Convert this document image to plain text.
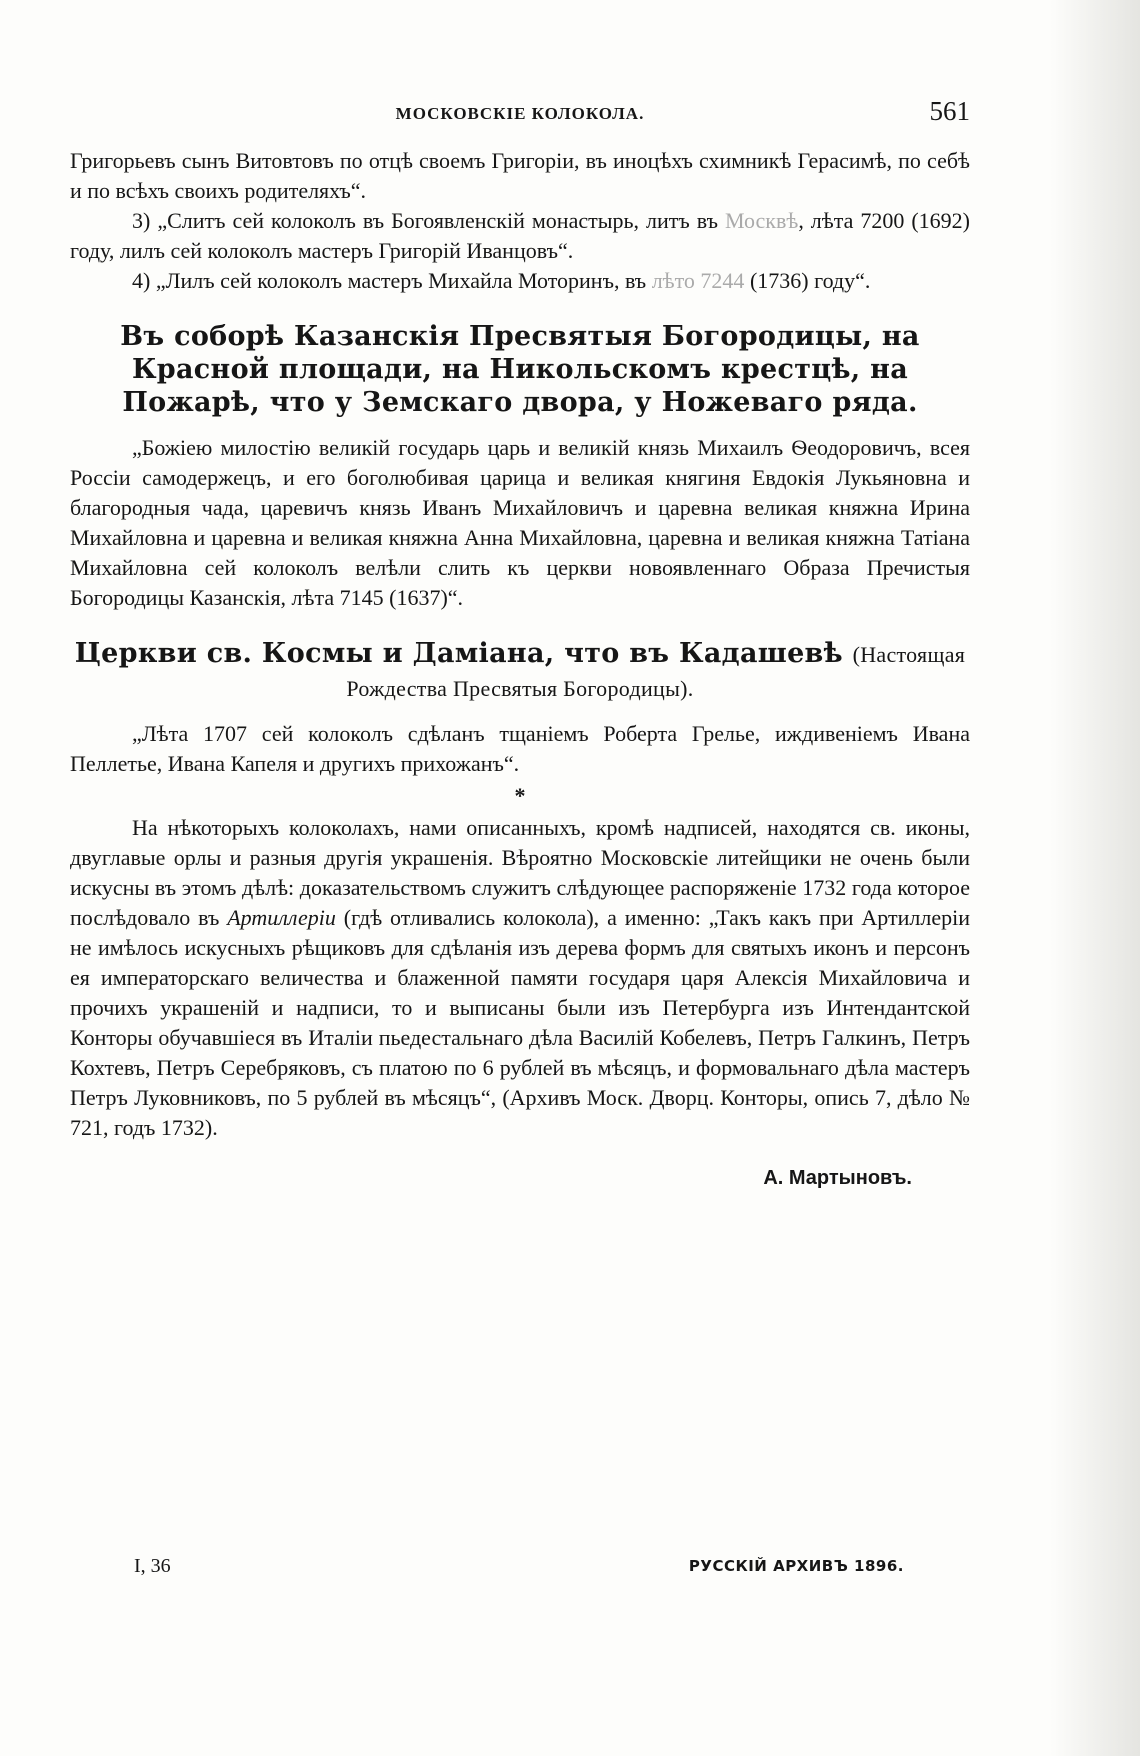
МОСКОВСКІЕ КОЛОКОЛА.	561

Григорьевъ сынъ Витовтовъ по отцѣ своемъ Григоріи, въ иноцѣхъ схимникѣ Герасимѣ, по себѣ и по всѣхъ своихъ родителяхъ“.

3) „Слитъ сей колоколъ въ Богоявленскій монастырь, литъ въ Москвѣ, лѣта 7200 (1692) году, лилъ сей колоколъ мастеръ Григорій Иванцовъ“.

4) „Лилъ сей колоколъ мастеръ Михайла Моторинъ, въ лѣто 7244 (1736) году“.

Въ соборѣ Казанскія Пресвятыя Богородицы, на Красной площади, на Никольскомъ крестцѣ, на Пожарѣ, что у Земскаго двора, у Ножеваго ряда.

„Божіею милостію великій государь царь и великій князь Михаилъ Ѳеодоровичъ, всея Россіи самодержецъ, и его боголюбивая царица и великая княгиня Евдокія Лукьяновна и благородныя чада, царевичъ князь Иванъ Михайловичъ и царевна великая княжна Ирина Михайловна и царевна и великая княжна Анна Михайловна, царевна и великая княжна Татіана Михайловна сей колоколъ велѣли слить къ церкви новоявленнаго Образа Пречистыя Богородицы Казанскія, лѣта 7145 (1637)“.

Церкви св. Космы и Даміана, что въ Кадашевѣ (Настоящая Рождества Пресвятыя Богородицы).

„Лѣта 1707 сей колоколъ сдѣланъ тщаніемъ Роберта Грелье, иждивеніемъ Ивана Пеллетье, Ивана Капеля и другихъ прихожанъ“.

*

На нѣкоторыхъ колоколахъ, нами описанныхъ, кромѣ надписей, находятся св. иконы, двуглавые орлы и разныя другія украшенія. Вѣроятно Московскіе литейщики не очень были искусны въ этомъ дѣлѣ: доказательствомъ служитъ слѣдующее распоряженіе 1732 года которое послѣдовало въ Артиллеріи (гдѣ отливались колокола), а именно: „Такъ какъ при Артиллеріи не имѣлось искусныхъ рѣщиковъ для сдѣланія изъ дерева формъ для святыхъ иконъ и персонъ ея императорскаго величества и блаженной памяти государя царя Алексія Михайловича и прочихъ украшеній и надписи, то и выписаны были изъ Петербурга изъ Интендантской Конторы обучавшіеся въ Италіи пьедестальнаго дѣла Василій Кобелевъ, Петръ Галкинъ, Петръ Кохтевъ, Петръ Серебряковъ, съ платою по 6 рублей въ мѣсяцъ, и формовальнаго дѣла мастеръ Петръ Луковниковъ, по 5 рублей въ мѣсяцъ“, (Архивъ Моск. Дворц. Конторы, опись 7, дѣло № 721, годъ 1732).

А. Мартыновъ.
I, 36	РУССКІЙ АРХИВЪ 1896.
